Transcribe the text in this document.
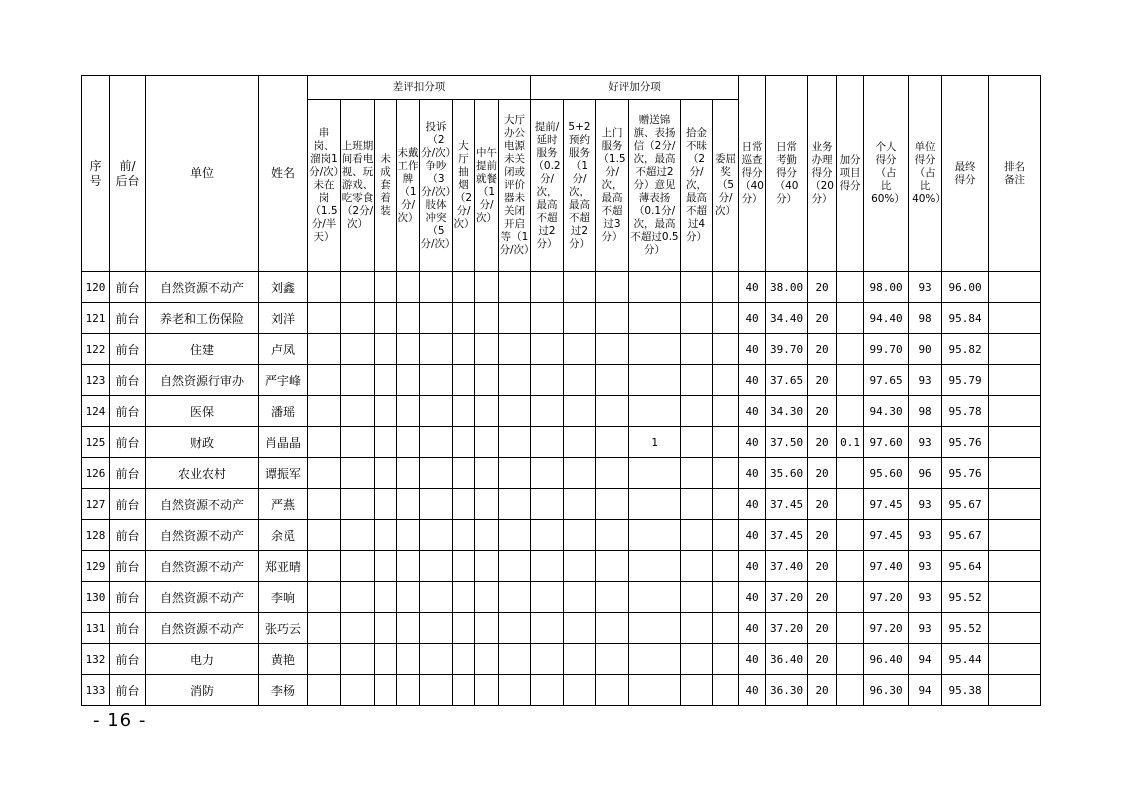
序号	前/后台	单位	姓名	差评扣分项								好评加分项						日常巡查得分（40分）	日常考勤得分（40分）	业务办理得分（20分）	加分项目得分	个人得分（占比60%）	单位得分（占比40%）	最终得分	排名备注

				串岗、溜岗1分/次）未在岗（1.5分/半天）	上班期间看电视、玩游戏、吃零食（2分/次）	未成套着装	未戴工作牌（1分/次）	投诉（2分/次）争吵（3分/次）肢体冲突（5分/次）	大厅抽烟（2分/次）	中午提前就餐（1分/次）	大厅办公电源未关闭或评价器未关闭开启等（1分/次）	提前/延时服务（0.2分/次，最高不超过2分）	5+2预约服务（1分/次，最高不超过2分）	上门服务（1.5分/次，最高不超过3分）	赠送锦旗、表扬信（2分/次，最高不超过2分）意见薄表扬（0.1分/次，最高不超过0.5分）	拾金不昧（2分/次，最高不超过4分）	委屈奖（5分/次）								

120	前台	自然资源不动产	刘鑫															40	38.00	20		98.00	93	96.00	
121	前台	养老和工伤保险	刘洋															40	34.40	20		94.40	98	95.84	
122	前台	住建	卢凤															40	39.70	20		99.70	90	95.82	
123	前台	自然资源行审办	严宇峰															40	37.65	20		97.65	93	95.79	
124	前台	医保	潘瑶															40	34.30	20		94.30	98	95.78	
125	前台	财政	肖晶晶												1			40	37.50	20	0.1	97.60	93	95.76	
126	前台	农业农村	谭振军															40	35.60	20		95.60	96	95.76	
127	前台	自然资源不动产	严燕															40	37.45	20		97.45	93	95.67	
128	前台	自然资源不动产	余觅															40	37.45	20		97.45	93	95.67	
129	前台	自然资源不动产	郑亚晴															40	37.40	20		97.40	93	95.64	
130	前台	自然资源不动产	李响															40	37.20	20		97.20	93	95.52	
131	前台	自然资源不动产	张巧云															40	37.20	20		97.20	93	95.52	
132	前台	电力	黄艳															40	36.40	20		96.40	94	95.44	
133	前台	消防	李杨															40	36.30	20		96.30	94	95.38	
- 16 -
